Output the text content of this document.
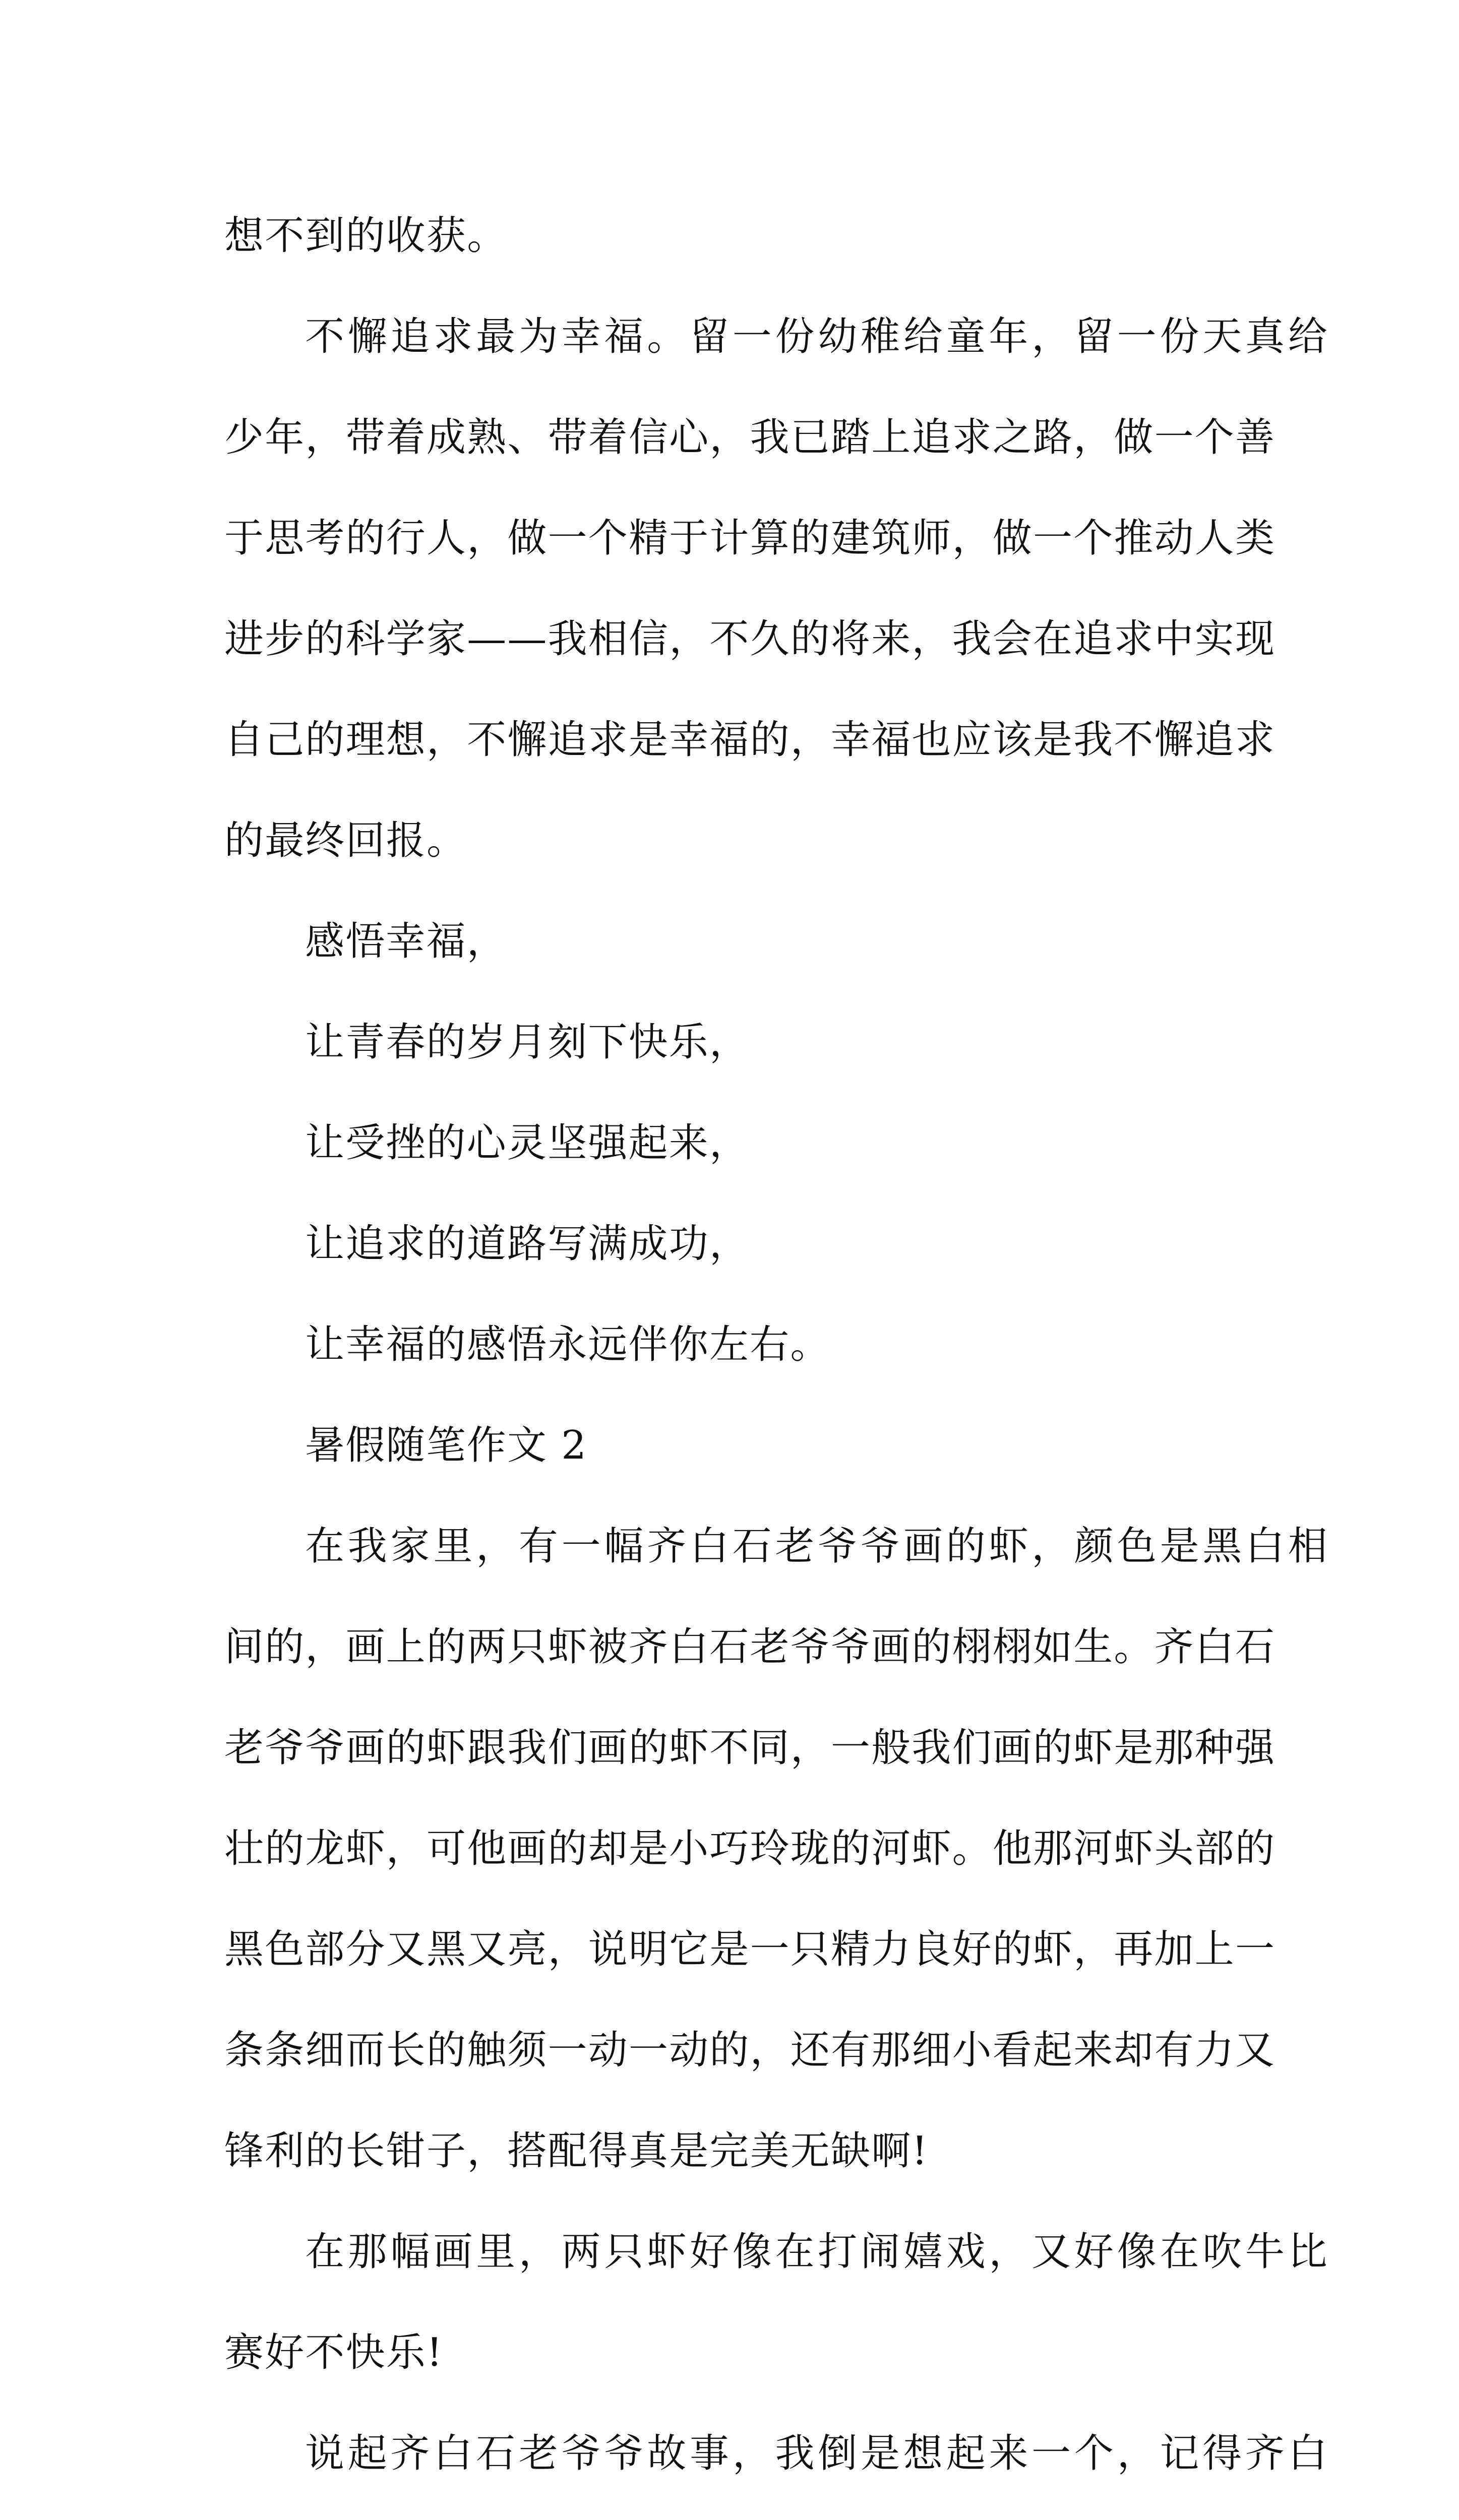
想不到的收获。
不懈追求最为幸福。留一份幼稚给童年，留一份天真给
少年，带着成熟、带着信心，我已踏上追求之路，做一个善
于思考的行人，做一个精于计算的建筑师，做一个推动人类
进步的科学家——我相信，不久的将来，我会在追求中实现
自己的理想，不懈追求是幸福的，幸福也应该是我不懈追求
的最终回报。
感悟幸福，
让青春的岁月刻下快乐，
让受挫的心灵坚强起来，
让追求的道路写满成功，
让幸福的感悟永远伴你左右。
暑假随笔作文 2
在我家里，有一幅齐白石老爷爷画的虾，颜色是黑白相
间的，画上的两只虾被齐白石老爷爷画的栩栩如生。齐白石
老爷爷画的虾跟我们画的虾不同，一般我们画的虾是那种强
壮的龙虾，可他画的却是小巧玲珑的河虾。他那河虾头部的
黑色部分又黑又亮，说明它是一只精力良好的虾，再加上一
条条细而长的触须一动一动的，还有那细小看起来却有力又
锋利的长钳子，搭配得真是完美无缺啊!
在那幅画里，两只虾好像在打闹嬉戏，又好像在吹牛比
赛好不快乐!
说起齐白石老爷爷故事，我倒是想起来一个，记得齐白
